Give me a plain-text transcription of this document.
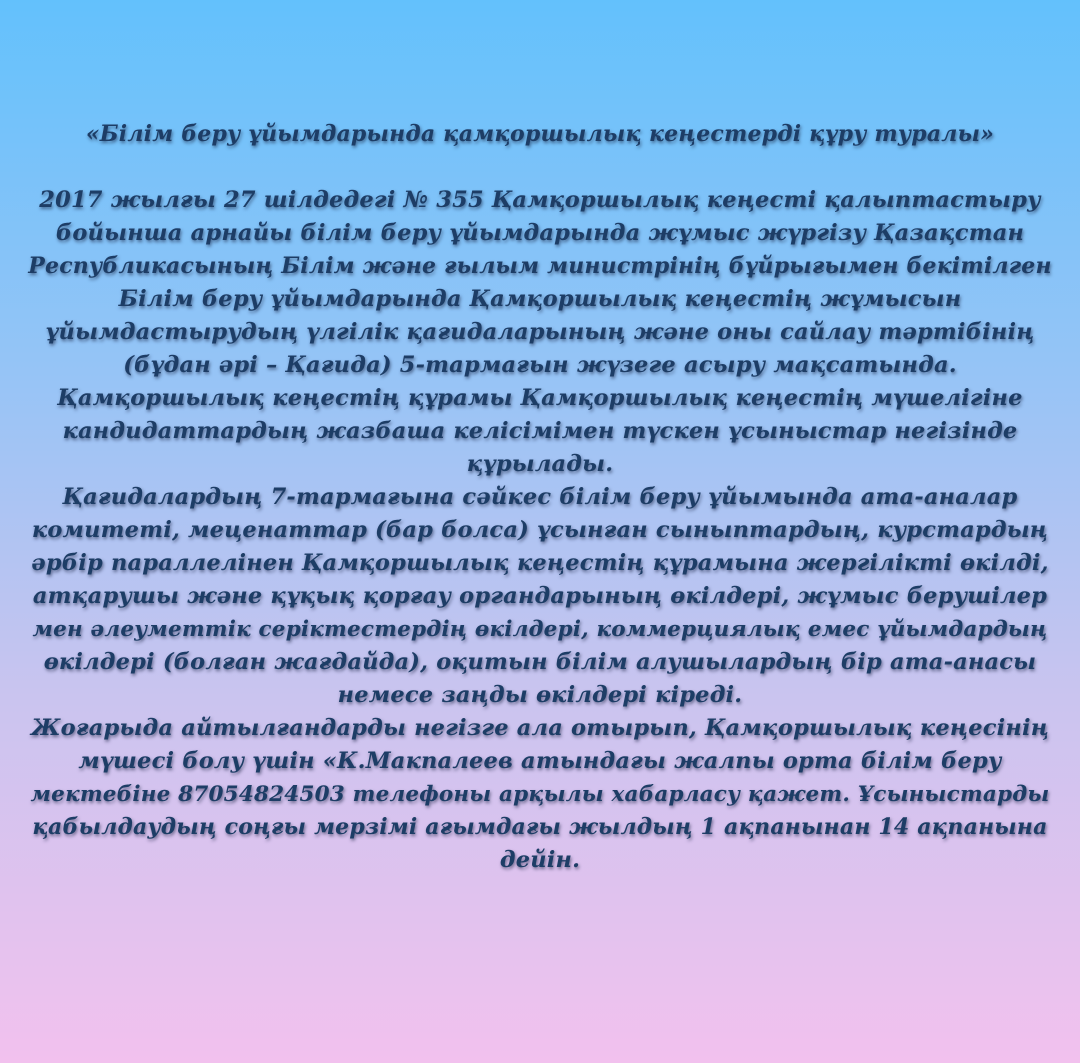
«Білім беру ұйымдарында қамқоршылық кеңестерді құру туралы»
2017 жылғы 27 шілдедегі № 355 Қамқоршылық кеңесті қалыптастыру
бойынша арнайы білім беру ұйымдарында жұмыс жүргізу Қазақстан
Республикасының Білім және ғылым министрінің бұйрығымен бекітілген
Білім беру ұйымдарында Қамқоршылық кеңестің жұмысын
ұйымдастырудың үлгілік қағидаларының және оны сайлау тәртібінің
(бұдан әрі – Қағида) 5-тармағын жүзеге асыру мақсатында.
Қамқоршылық кеңестің құрамы Қамқоршылық кеңестің мүшелігіне
кандидаттардың жазбаша келісімімен түскен ұсыныстар негізінде
құрылады.
Қағидалардың 7-тармағына сәйкес білім беру ұйымында ата-аналар
комитеті, меценаттар (бар болса) ұсынған сыныптардың, курстардың
әрбір параллелінен Қамқоршылық кеңестің құрамына жергілікті өкілді,
атқарушы және құқық қорғау органдарының өкілдері, жұмыс берушілер
мен әлеуметтік серіктестердің өкілдері, коммерциялық емес ұйымдардың
өкілдері (болған жағдайда), оқитын білім алушылардың бір ата-анасы
немесе заңды өкілдері кіреді.
Жоғарыда айтылғандарды негізге ала отырып, Қамқоршылық кеңесінің
мүшесі болу үшін «К.Макпалеев атындағы жалпы орта білім беру
мектебіне 87054824503 телефоны арқылы хабарласу қажет. Ұсыныстарды
қабылдаудың соңғы мерзімі ағымдағы жылдың 1 ақпанынан 14 ақпанына
дейін.
